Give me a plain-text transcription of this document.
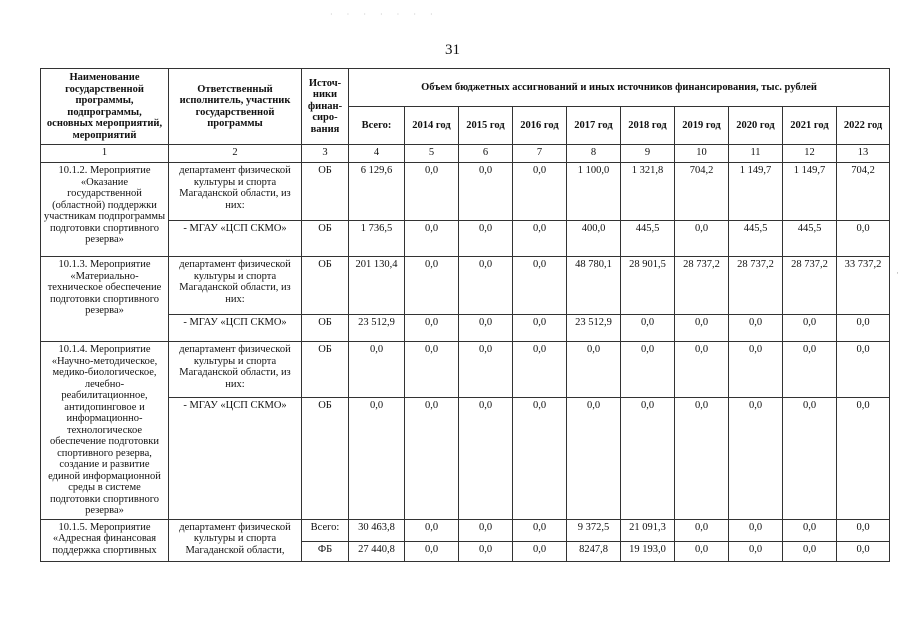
· · · · · · ·
·
31
Наименование государственной программы, подпрограммы, основных мероприятий, мероприятий	Ответственный исполнитель, участник государственной программы	Источ-ники финан-сиро-вания	Объем бюджетных ассигнований и иных источников финансирования, тыс. рублей									
			Всего:	2014 год	2015 год	2016 год	2017 год	2018 год	2019 год	2020 год	2021 год	2022 год
1	2	3	4	5	6	7	8	9	10	11	12	13
10.1.2. Мероприятие «Оказание государственной (областной) поддержки участникам подпрограммы подготовки спортивного резерва»	департамент физической культуры и спорта Магаданской области, из них:	ОБ	6 129,6	0,0	0,0	0,0	1 100,0	1 321,8	704,2	1 149,7	1 149,7	704,2
	- МГАУ «ЦСП СКМО»	ОБ	1 736,5	0,0	0,0	0,0	400,0	445,5	0,0	445,5	445,5	0,0
10.1.3. Мероприятие «Материально-техническое обеспечение подготовки спортивного резерва»	департамент физической культуры и спорта Магаданской области, из них:	ОБ	201 130,4	0,0	0,0	0,0	48 780,1	28 901,5	28 737,2	28 737,2	28 737,2	33 737,2
	- МГАУ «ЦСП СКМО»	ОБ	23 512,9	0,0	0,0	0,0	23 512,9	0,0	0,0	0,0	0,0	0,0
10.1.4. Мероприятие «Научно-методическое, медико-биологическое, лечебно-реабилитационное, антидопинговое и информационно-технологическое обеспечение подготовки спортивного резерва, создание и развитие единой информационной среды в системе подготовки спортивного резерва»	департамент физической культуры и спорта Магаданской области, из них:	ОБ	0,0	0,0	0,0	0,0	0,0	0,0	0,0	0,0	0,0	0,0
	- МГАУ «ЦСП СКМО»	ОБ	0,0	0,0	0,0	0,0	0,0	0,0	0,0	0,0	0,0	0,0
10.1.5. Мероприятие «Адресная финансовая поддержка спортивных	департамент физической культуры и спорта Магаданской области,	Всего:	30 463,8	0,0	0,0	0,0	9 372,5	21 091,3	0,0	0,0	0,0	0,0
		ФБ	27 440,8	0,0	0,0	0,0	8247,8	19 193,0	0,0	0,0	0,0	0,0
